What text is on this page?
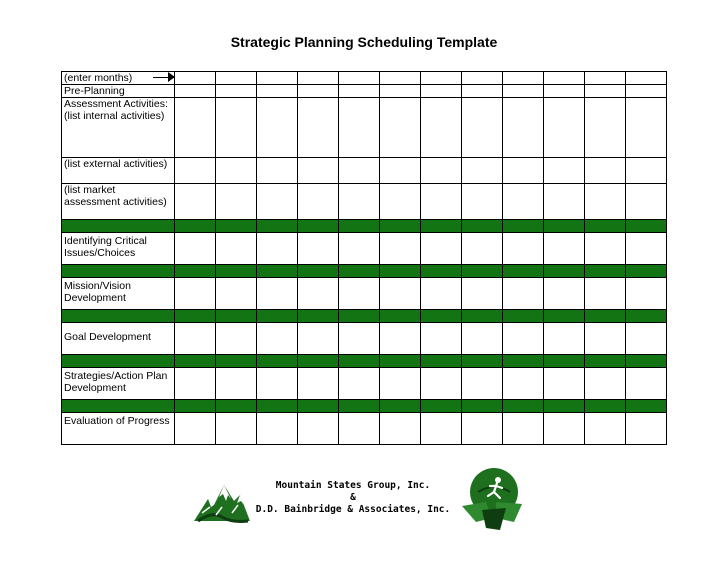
Strategic Planning Scheduling Template
(enter months)

Pre-Planning												
Assessment Activities: (list internal activities)												
(list external activities)												
(list market assessment activities)												

Identifying Critical Issues/Choices												

Mission/Vision Development												

Goal Development												

Strategies/Action Plan Development												

Evaluation of Progress												
Mountain States Group, Inc.
&
D.D. Bainbridge & Associates, Inc.
